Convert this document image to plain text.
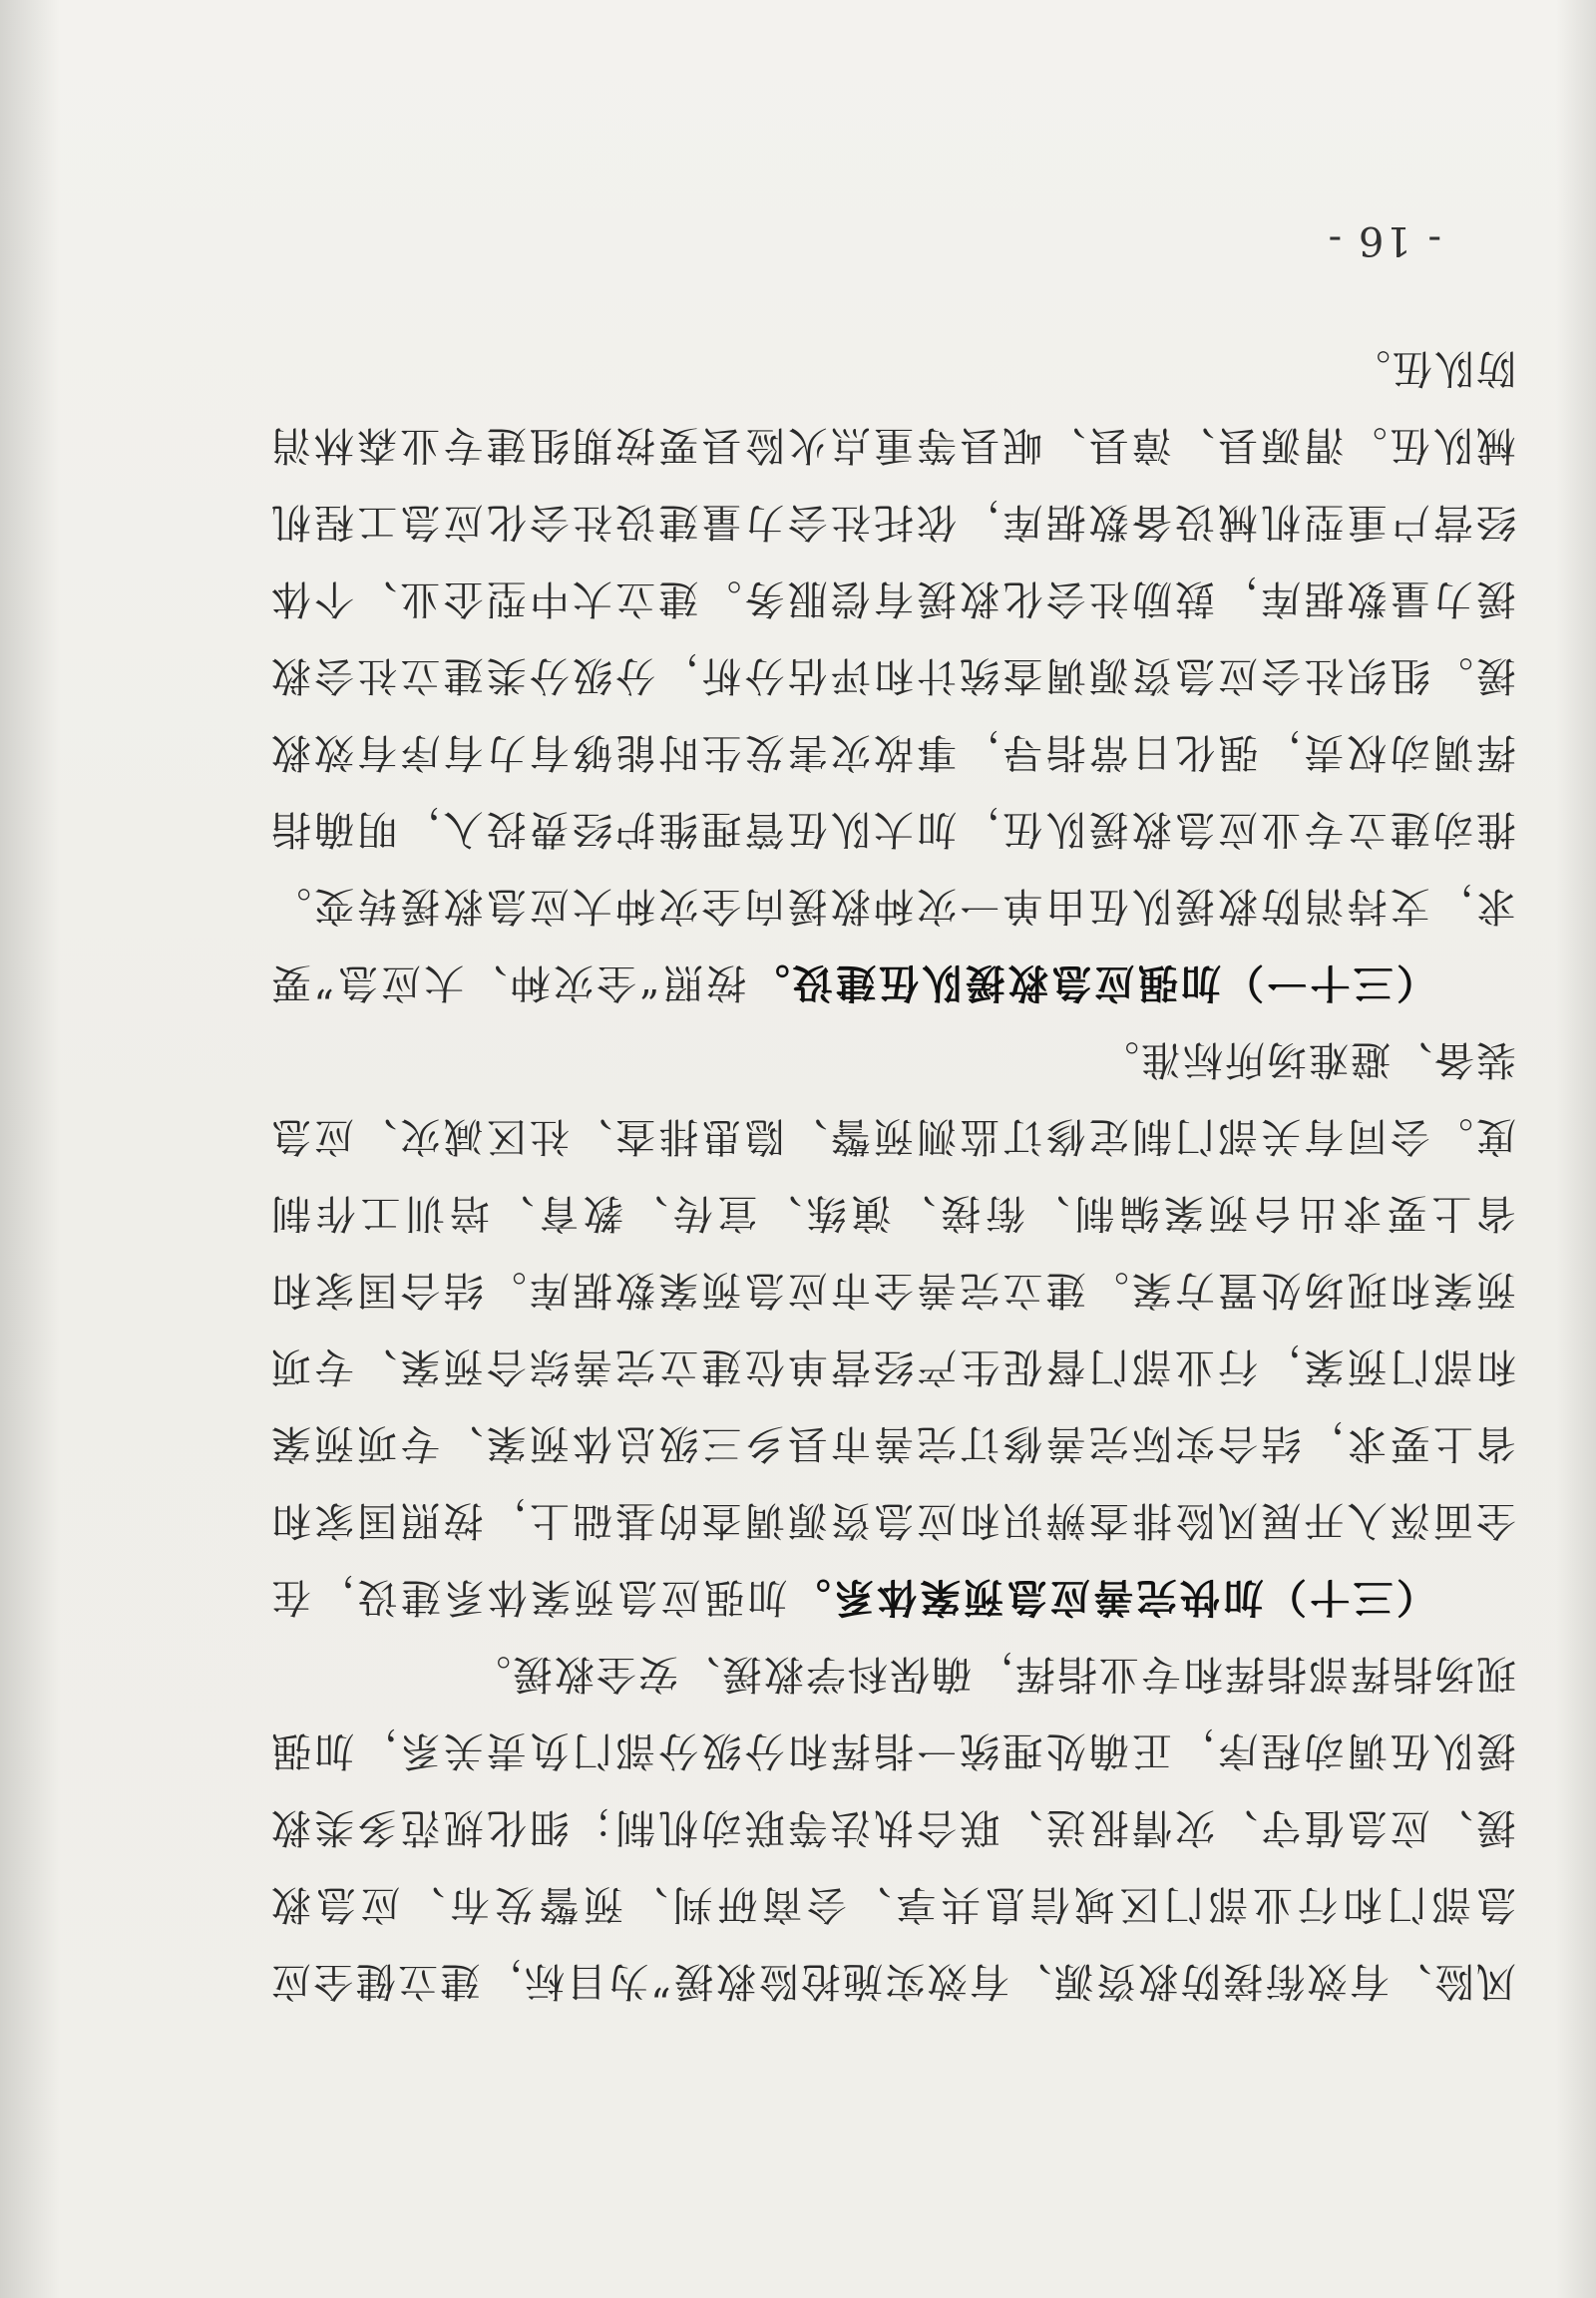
风险、有效衔接防救资源、有效实施抢险救援”为目标，建立健全应急部门和行业部门区域信息共享、会商研判、预警发布、应急救援、应急值守、灾情报送、联合执法等联动机制；细化规范多类救援队伍调动程序，正确处理统一指挥和分级分部门负责关系，加强现场指挥部指挥和专业指挥，确保科学救援、安全救援。

（三十）加快完善应急预案体系。加强应急预案体系建设，在全面深入开展风险排查辨识和应急资源调查的基础上，按照国家和省上要求，结合实际完善修订完善市县乡三级总体预案、专项预案和部门预案，行业部门督促生产经营单位建立完善综合预案、专项预案和现场处置方案。建立完善全市应急预案数据库。结合国家和省上要求出台预案编制、衔接、演练、宣传、教育、培训工作制度。会同有关部门制定修订监测预警、隐患排查、社区减灾、应急装备、避难场所标准。

（三十一）加强应急救援队伍建设。按照“全灾种、大应急”要求，支持消防救援队伍由单一灾种救援向全灾种大应急救援转变。推动建立专业应急救援队伍，加大队伍管理维护经费投入，明确指挥调动权责，强化日常指导，事故灾害发生时能够有力有序有效救援。组织社会应急资源调查统计和评估分析，分级分类建立社会救援力量数据库，鼓励社会化救援有偿服务。建立大中型企业、个体经营户重型机械设备数据库，依托社会力量建设社会化应急工程机械队伍。渭源县、漳县、岷县等重点火险县要按期组建专业森林消防队伍。

- 16 -
